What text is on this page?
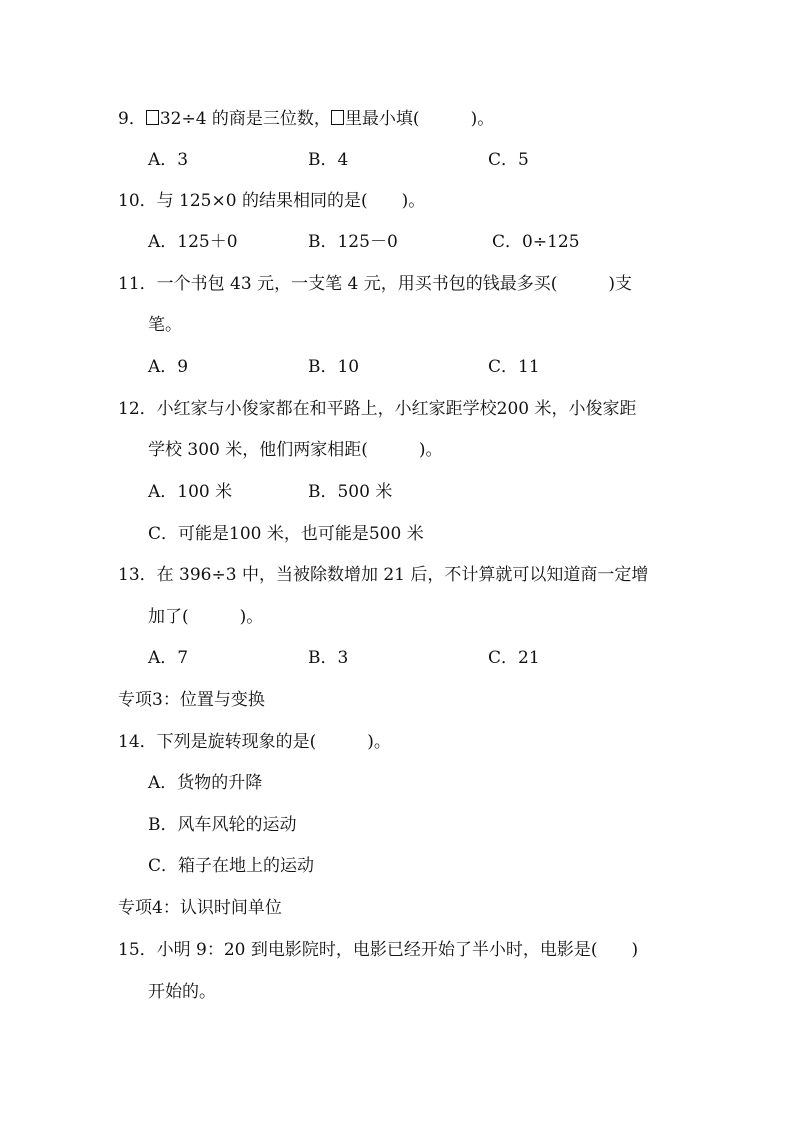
9． 32÷4 的商是三位数， 里最小填(　　　)。
A．3	B．4	C．5
10．与 125×0 的结果相同的是(　　)。
A．125＋0	B．125－0	C．0÷125
11．一个书包 43 元，一支笔 4 元，用买书包的钱最多买(　　　)支
笔。
A．9	B．10	C．11
12．小红家与小俊家都在和平路上，小红家距学校200 米，小俊家距
学校 300 米，他们两家相距(　　　)。
A．100 米	B．500 米
C．可能是100 米，也可能是500 米
13．在 396÷3 中，当被除数增加 21 后，不计算就可以知道商一定增
加了(　　　)。
A．7	B．3	C．21
专项3：位置与变换
14．下列是旋转现象的是(　　　)。
A．货物的升降
B．风车风轮的运动
C．箱子在地上的运动
专项4：认识时间单位
15．小明 9：20 到电影院时，电影已经开始了半小时，电影是(　　)
开始的。
